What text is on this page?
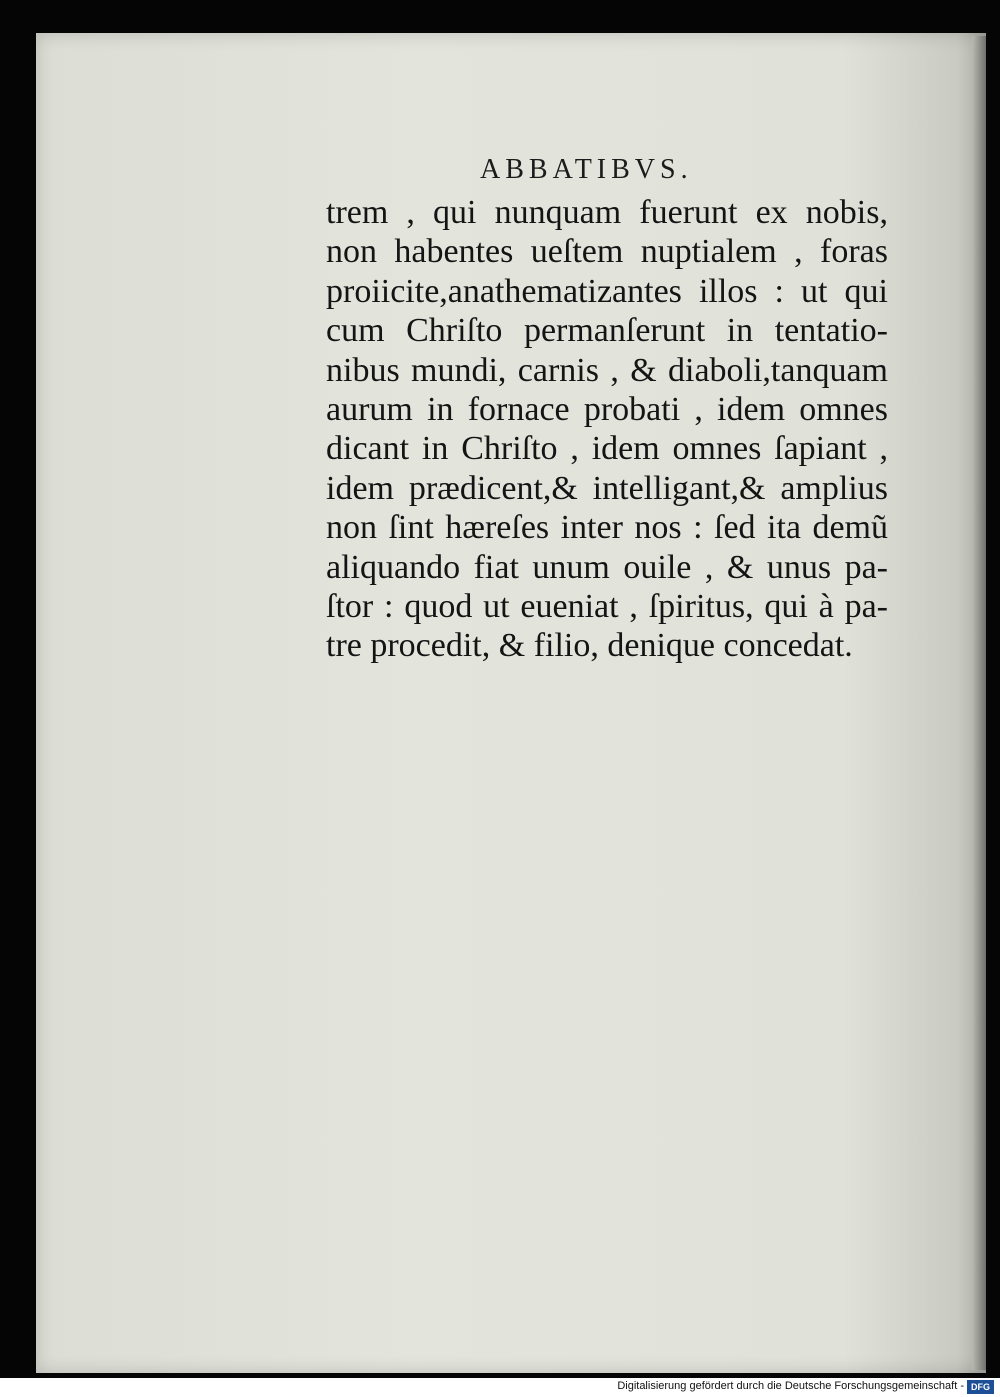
ABBATIBVS.
trem , qui nunquam fuerunt ex nobis,
non habentes ueſtem nuptialem , foras
proiicite,anathematizantes illos : ut qui
cum Chriſto permanſerunt in tentatio-
nibus mundi, carnis , & diaboli,tanquam
aurum in fornace probati , idem omnes
dicant in Chriſto , idem omnes ſapiant ,
idem prædicent,& intelligant,& amplius
non ſint hæreſes inter nos : ſed ita demũ
aliquando fiat unum ouile , & unus pa-
ſtor : quod ut eueniat , ſpiritus, qui à pa-
tre procedit, & filio, denique concedat.
Digitalisierung gefördert durch die Deutsche Forschungsgemeinschaft - DFG
